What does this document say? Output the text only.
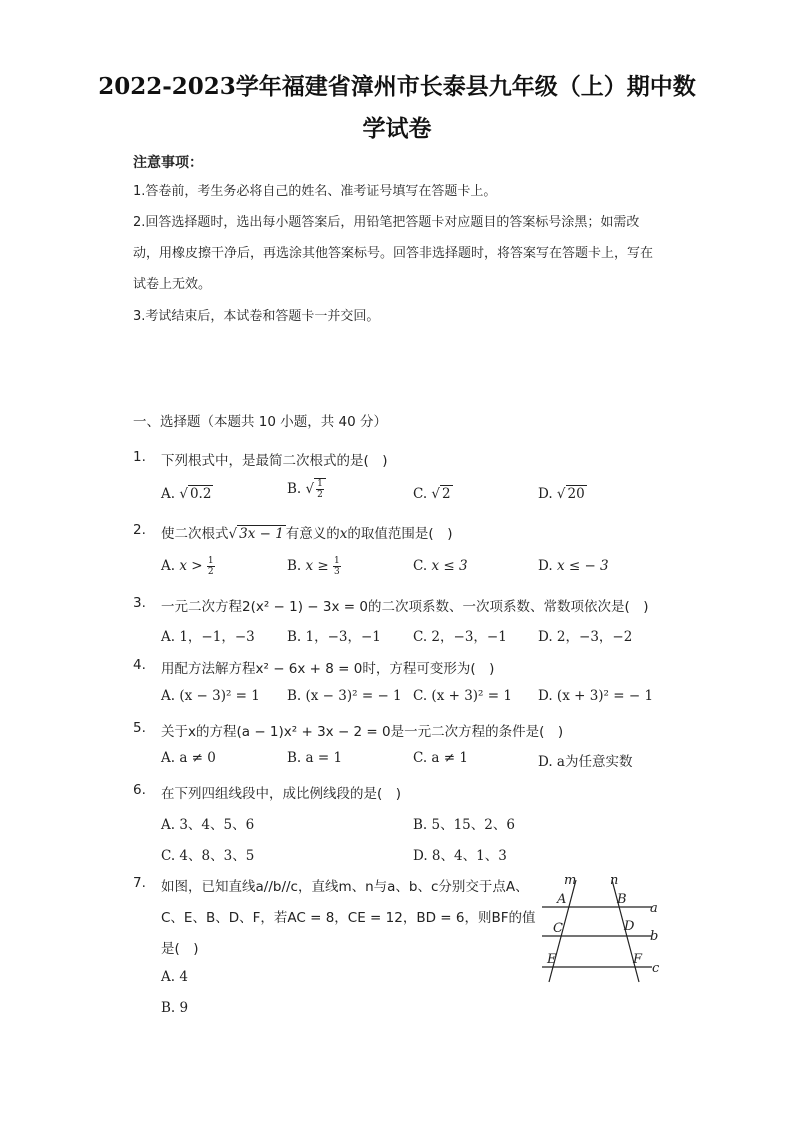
2022-2023学年福建省漳州市长泰县九年级（上）期中数
学试卷
注意事项：
1.答卷前，考生务必将自己的姓名、准考证号填写在答题卡上。
2.回答选择题时，选出每小题答案后，用铅笔把答题卡对应题目的答案标号涂黑；如需改动，用橡皮擦干净后，再选涂其他答案标号。回答非选择题时，将答案写在答题卡上，写在试卷上无效。
3.考试结束后，本试卷和答题卡一并交回。
一、选择题（本题共 10 小题，共 40 分）
1. 下列根式中，是最简二次根式的是(　)
A. √ 0.2	B. √ $\frac{1}{2}$	C. √ 2	D. √ 20
2. 使二次根式√ 3x − 1 有意义的x的取值范围是(　)
A. $x > \frac{1}{2}$	B. $x \ge \frac{1}{3}$	C. x ≤ 3	D. x ≤ − 3
3. 一元二次方程2(x² − 1) − 3x = 0的二次项系数、一次项系数、常数项依次是(　)
A. 1，−1，−3 B. 1，−3，−1 C. 2，−3，−1 D. 2，−3，−2
4. 用配方法解方程x² − 6x + 8 = 0时，方程可变形为(　)
A. (x − 3)² = 1 B. (x − 3)² = − 1 C. (x + 3)² = 1 D. (x + 3)² = − 1
5. 关于x的方程(a − 1)x² + 3x − 2 = 0是一元二次方程的条件是(　)
A. a ≠ 0	B. a = 1	C. a ≠ 1	D. a为任意实数
6. 在下列四组线段中，成比例线段的是(　)
A. 3、4、5、6	B. 5、15、2、6
C. 4、8、3、5	D. 8、4、1、3
7. 如图，已知直线a//b//c，直线m、n与a、b、c分别交于点A、
C、E、B、D、F，若AC = 8，CE = 12，BD = 6，则BF的值
是(　)
A. 4
B. 9
m	n
A	B
C	D
E	F
a
b
c
